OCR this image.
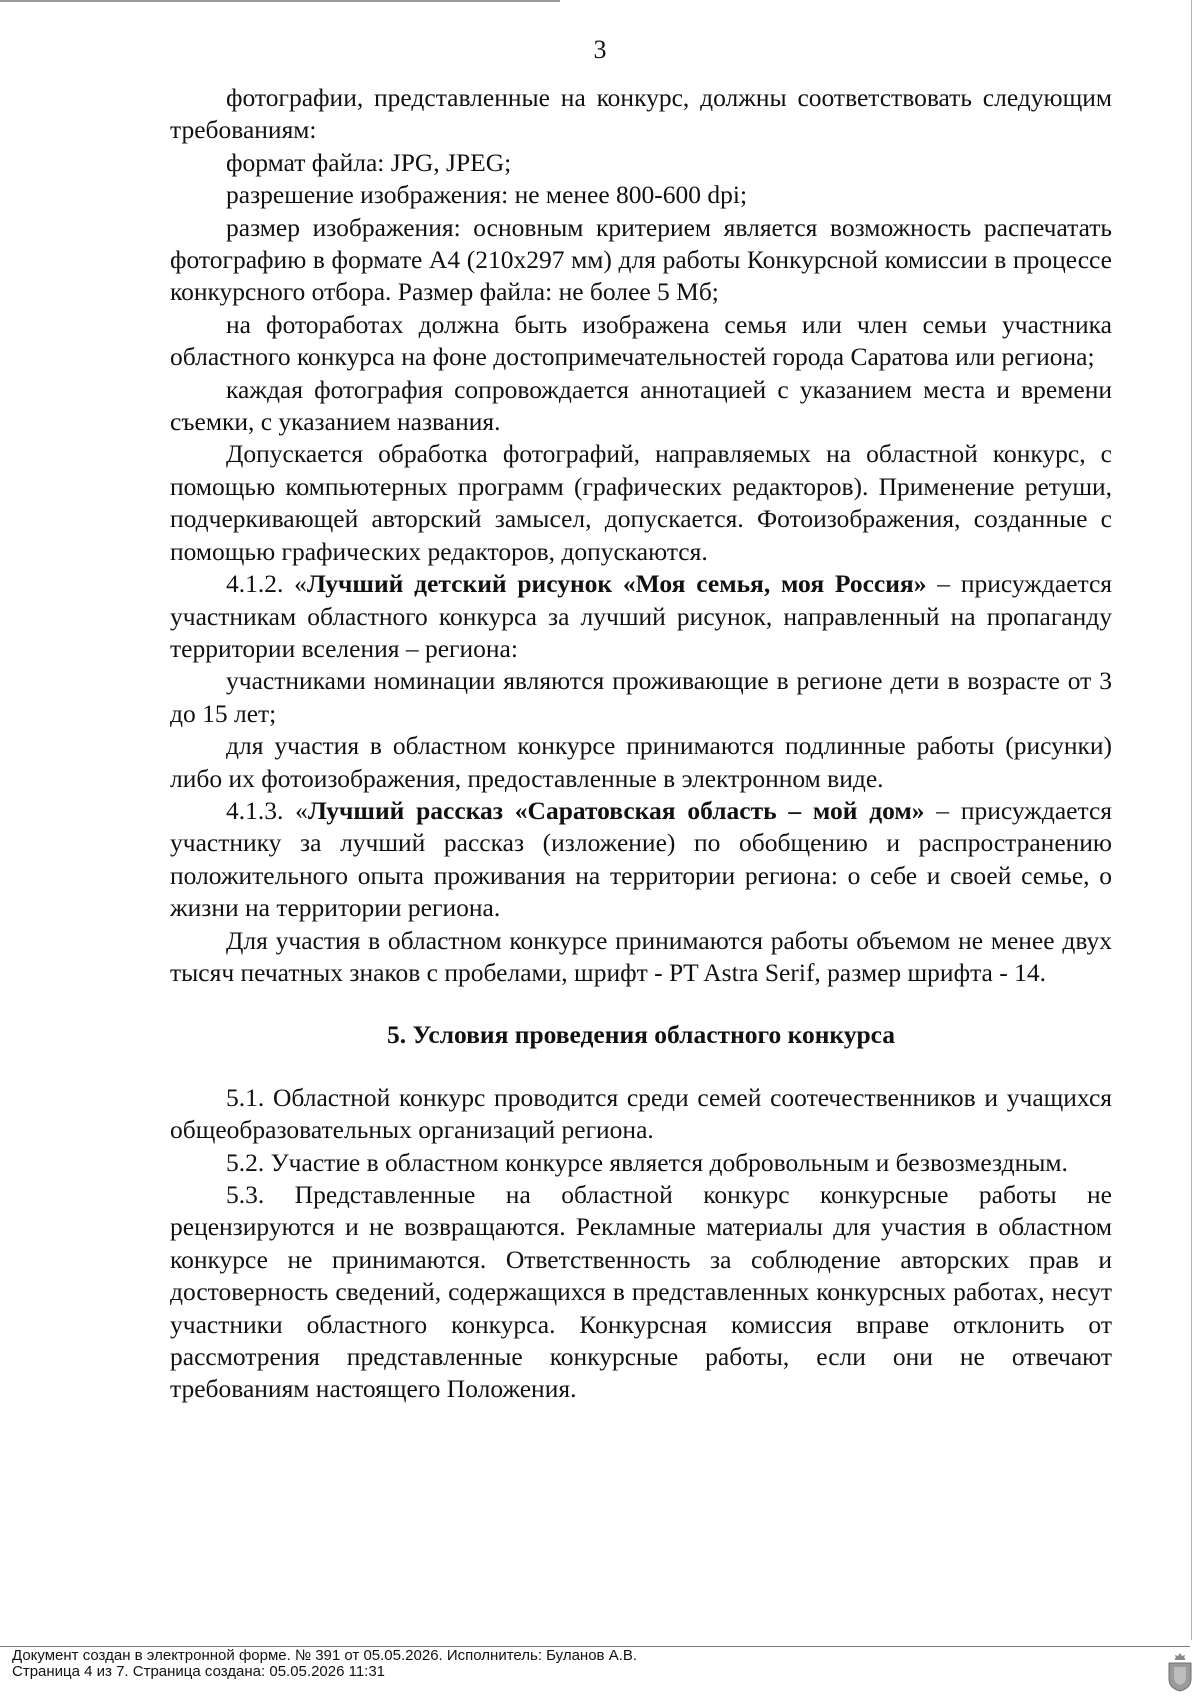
3

фотографии, представленные на конкурс, должны соответствовать следующим требованиям:

формат файла: JPG, JPEG;

разрешение изображения: не менее 800-600 dpi;

размер изображения: основным критерием является возможность распечатать фотографию в формате А4 (210х297 мм) для работы Конкурсной комиссии в процессе конкурсного отбора. Размер файла: не более 5 Мб;

на фотоработах должна быть изображена семья или член семьи участника областного конкурса на фоне достопримечательностей города Саратова или региона;

каждая фотография сопровождается аннотацией с указанием места и времени съемки, с указанием названия.

Допускается обработка фотографий, направляемых на областной конкурс, с помощью компьютерных программ (графических редакторов). Применение ретуши, подчеркивающей авторский замысел, допускается. Фотоизображения, созданные с помощью графических редакторов, допускаются.

4.1.2. «Лучший детский рисунок «Моя семья, моя Россия» – присуждается участникам областного конкурса за лучший рисунок, направленный на пропаганду территории вселения – региона:

участниками номинации являются проживающие в регионе дети в возрасте от 3 до 15 лет;

для участия в областном конкурсе принимаются подлинные работы (рисунки) либо их фотоизображения, предоставленные в электронном виде.

4.1.3. «Лучший рассказ «Саратовская область – мой дом» – присуждается участнику за лучший рассказ (изложение) по обобщению и распространению положительного опыта проживания на территории региона: о себе и своей семье, о жизни на территории региона.

Для участия в областном конкурсе принимаются работы объемом не менее двух тысяч печатных знаков с пробелами, шрифт - PT Astra Serif, размер шрифта - 14.

5. Условия проведения областного конкурса

5.1. Областной конкурс проводится среди семей соотечественников и учащихся общеобразовательных организаций региона.

5.2. Участие в областном конкурсе является добровольным и безвозмездным.

5.3. Представленные на областной конкурс конкурсные работы не рецензируются и не возвращаются. Рекламные материалы для участия в областном конкурсе не принимаются. Ответственность за соблюдение авторских прав и достоверность сведений, содержащихся в представленных конкурсных работах, несут участники областного конкурса. Конкурсная комиссия вправе отклонить от рассмотрения представленные конкурсные работы, если они не отвечают требованиям настоящего Положения.

Документ создан в электронной форме. № 391 от 05.05.2026. Исполнитель: Буланов А.В.
Страница 4 из 7. Страница создана: 05.05.2026 11:31
